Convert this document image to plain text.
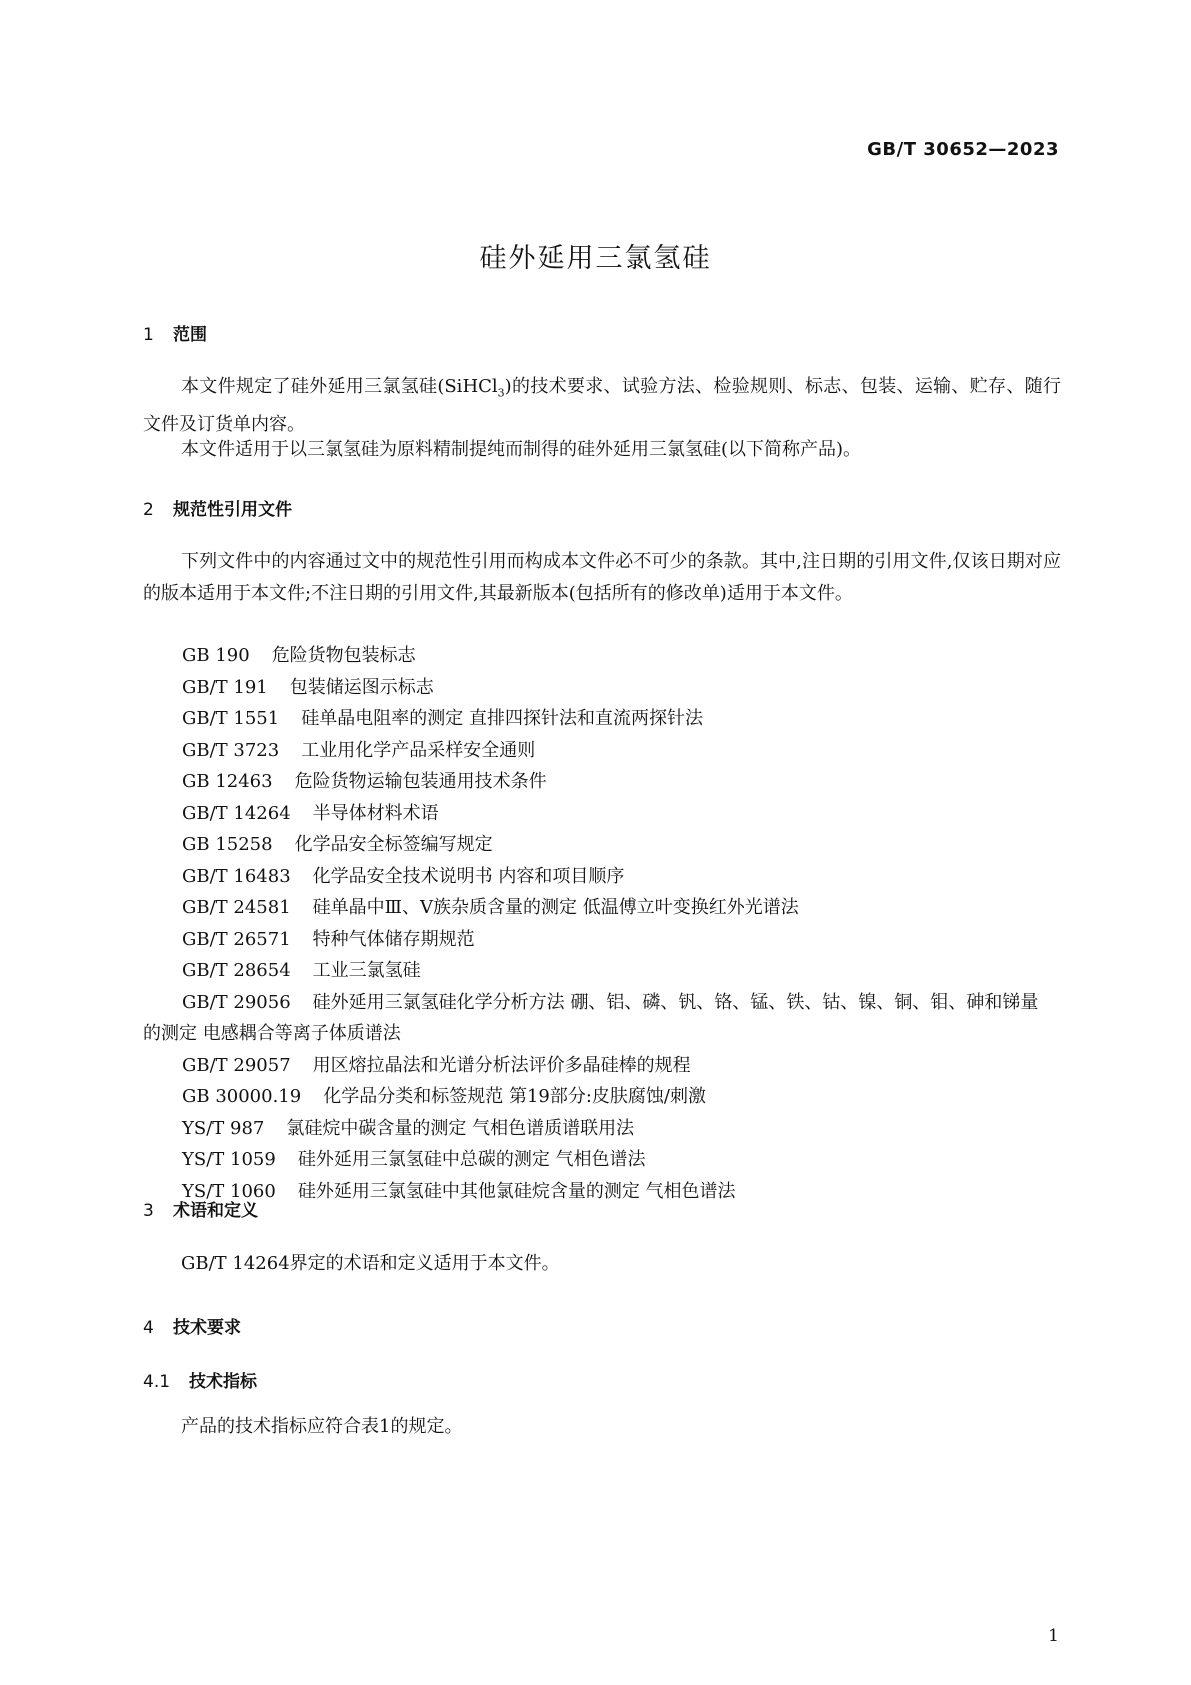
GB/T 30652—2023
硅外延用三氯氢硅
1 范围
本文件规定了硅外延用三氯氢硅(SiHCl$_3$)的技术要求、试验方法、检验规则、标志、包装、运输、贮存、随行文件及订货单内容。
本文件适用于以三氯氢硅为原料精制提纯而制得的硅外延用三氯氢硅(以下简称产品)。
2 规范性引用文件
下列文件中的内容通过文中的规范性引用而构成本文件必不可少的条款。其中,注日期的引用文件,仅该日期对应的版本适用于本文件;不注日期的引用文件,其最新版本(包括所有的修改单)适用于本文件。
GB 190 危险货物包装标志
GB/T 191 包装储运图示标志
GB/T 1551 硅单晶电阻率的测定 直排四探针法和直流两探针法
GB/T 3723 工业用化学产品采样安全通则
GB 12463 危险货物运输包装通用技术条件
GB/T 14264 半导体材料术语
GB 15258 化学品安全标签编写规定
GB/T 16483 化学品安全技术说明书 内容和项目顺序
GB/T 24581 硅单晶中Ⅲ、Ⅴ族杂质含量的测定 低温傅立叶变换红外光谱法
GB/T 26571 特种气体储存期规范
GB/T 28654 工业三氯氢硅
GB/T 29056 硅外延用三氯氢硅化学分析方法 硼、铝、磷、钒、铬、锰、铁、钴、镍、铜、钼、砷和锑量
的测定 电感耦合等离子体质谱法
GB/T 29057 用区熔拉晶法和光谱分析法评价多晶硅棒的规程
GB 30000.19 化学品分类和标签规范 第19部分:皮肤腐蚀/刺激
YS/T 987 氯硅烷中碳含量的测定 气相色谱质谱联用法
YS/T 1059 硅外延用三氯氢硅中总碳的测定 气相色谱法
YS/T 1060 硅外延用三氯氢硅中其他氯硅烷含量的测定 气相色谱法
3 术语和定义
GB/T 14264界定的术语和定义适用于本文件。
4 技术要求
4.1 技术指标
产品的技术指标应符合表1的规定。
1
